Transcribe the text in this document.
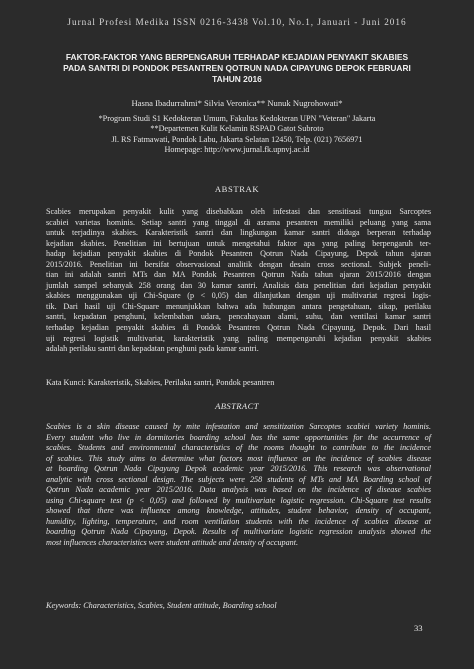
Jurnal Profesi Medika ISSN 0216-3438 Vol.10, No.1, Januari - Juni 2016
FAKTOR-FAKTOR YANG BERPENGARUH TERHADAP KEJADIAN PENYAKIT SKABIES
PADA SANTRI DI PONDOK PESANTREN QOTRUN NADA CIPAYUNG DEPOK FEBRUARI
TAHUN 2016
Hasna Ibadurrahmi* Silvia Veronica** Nunuk Nugrohowati*
*Program Studi S1 Kedokteran Umum, Fakultas Kedokteran UPN "Veteran" Jakarta
**Departemen Kulit Kelamin RSPAD Gatot Subroto
Jl. RS Fatmawati, Pondok Labu, Jakarta Selatan 12450, Telp. (021) 7656971
Homepage: http://www.jurnal.fk.upnvj.ac.id
ABSTRAK
Scabies merupakan penyakit kulit yang disebabkan oleh infestasi dan sensitisasi tungau Sarcoptes
scabiei varietas hominis. Setiap santri yang tinggal di asrama pesantren memiliki peluang yang sama
untuk terjadinya skabies. Karakteristik santri dan lingkungan kamar santri diduga berperan terhadap
kejadian skabies. Penelitian ini bertujuan untuk mengetahui faktor apa yang paling berpengaruh ter-
hadap kejadian penyakit skabies di Pondok Pesantren Qotrun Nada Cipayung, Depok tahun ajaran
2015/2016. Penelitian ini bersifat observasional analitik dengan desain cross sectional. Subjek peneli-
tian ini adalah santri MTs dan MA Pondok Pesantren Qotrun Nada tahun ajaran 2015/2016 dengan
jumlah sampel sebanyak 258 orang dan 30 kamar santri. Analisis data penelitian dari kejadian penyakit
skabies menggunakan uji Chi-Square (p < 0,05) dan dilanjutkan dengan uji multivariat regresi logis-
tik. Dari hasil uji Chi-Square menunjukkan bahwa ada hubungan antara pengetahuan, sikap, perilaku
santri, kepadatan penghuni, kelembaban udara, pencahayaan alami, suhu, dan ventilasi kamar santri
terhadap kejadian penyakit skabies di Pondok Pesantren Qotrun Nada Cipayung, Depok. Dari hasil
uji regresi logistik multivariat, karakteristik yang paling mempengaruhi kejadian penyakit skabies
adalah perilaku santri dan kepadatan penghuni pada kamar santri.
Kata Kunci: Karakteristik, Skabies, Perilaku santri, Pondok pesantren
ABSTRACT
Scabies is a skin disease caused by mite infestation and sensitization Sarcoptes scabiei variety hominis.
Every student who live in dormitories boarding school has the same opportunities for the occurrence of
scabies. Students and environmental characteristics of the rooms thought to contribute to the incidence
of scabies. This study aims to determine what factors most influence on the incidence of scabies disease
at boarding Qotrun Nada Cipayung Depok academic year 2015/2016. This research was observational
analytic with cross sectional design. The subjects were 258 students of MTs and MA Boarding school of
Qotrun Nada academic year 2015/2016. Data analysis was based on the incidence of disease scabies
using Chi-square test (p < 0,05) and followed by multivariate logistic regression. Chi-Square test results
showed that there was influence among knowledge, attitudes, student behavior, density of occupant,
humidity, lighting, temperature, and room ventilation students with the incidence of scabies disease at
boarding Qotrun Nada Cipayung, Depok. Results of multivariate logistic regression analysis showed the
most influences characteristics were student attitude and density of occupant.
Keywords: Characteristics, Scabies, Student attitude, Boarding school
33
